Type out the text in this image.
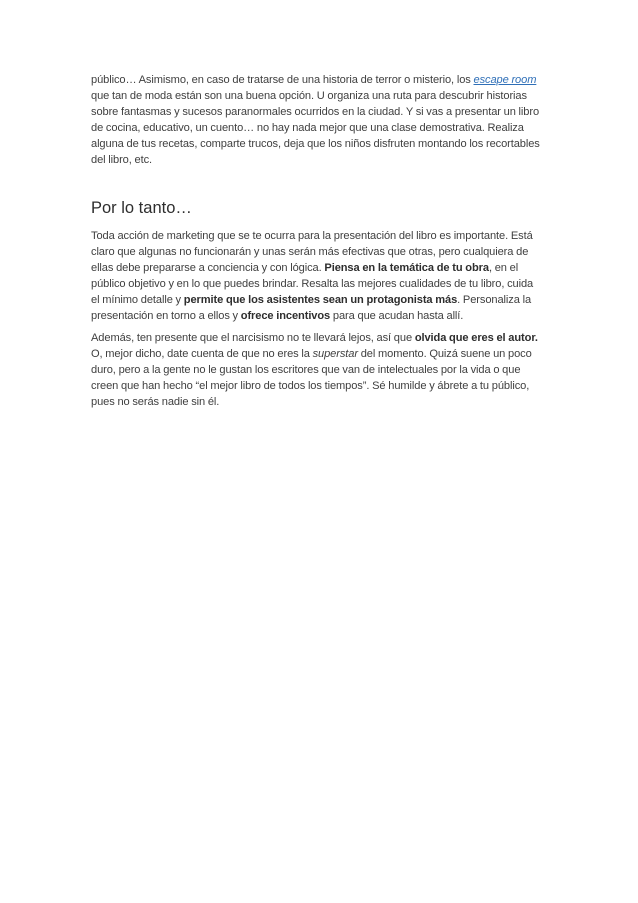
público… Asimismo, en caso de tratarse de una historia de terror o misterio, los escape room que tan de moda están son una buena opción. U organiza una ruta para descubrir historias sobre fantasmas y sucesos paranormales ocurridos en la ciudad. Y si vas a presentar un libro de cocina, educativo, un cuento… no hay nada mejor que una clase demostrativa. Realiza alguna de tus recetas, comparte trucos, deja que los niños disfruten montando los recortables del libro, etc.

Por lo tanto…

Toda acción de marketing que se te ocurra para la presentación del libro es importante. Está claro que algunas no funcionarán y unas serán más efectivas que otras, pero cualquiera de ellas debe prepararse a conciencia y con lógica. Piensa en la temática de tu obra, en el público objetivo y en lo que puedes brindar. Resalta las mejores cualidades de tu libro, cuida el mínimo detalle y permite que los asistentes sean un protagonista más. Personaliza la presentación en torno a ellos y ofrece incentivos para que acudan hasta allí.

Además, ten presente que el narcisismo no te llevará lejos, así que olvida que eres el autor. O, mejor dicho, date cuenta de que no eres la superstar del momento. Quizá suene un poco duro, pero a la gente no le gustan los escritores que van de intelectuales por la vida o que creen que han hecho “el mejor libro de todos los tiempos”. Sé humilde y ábrete a tu público, pues no serás nadie sin él.
